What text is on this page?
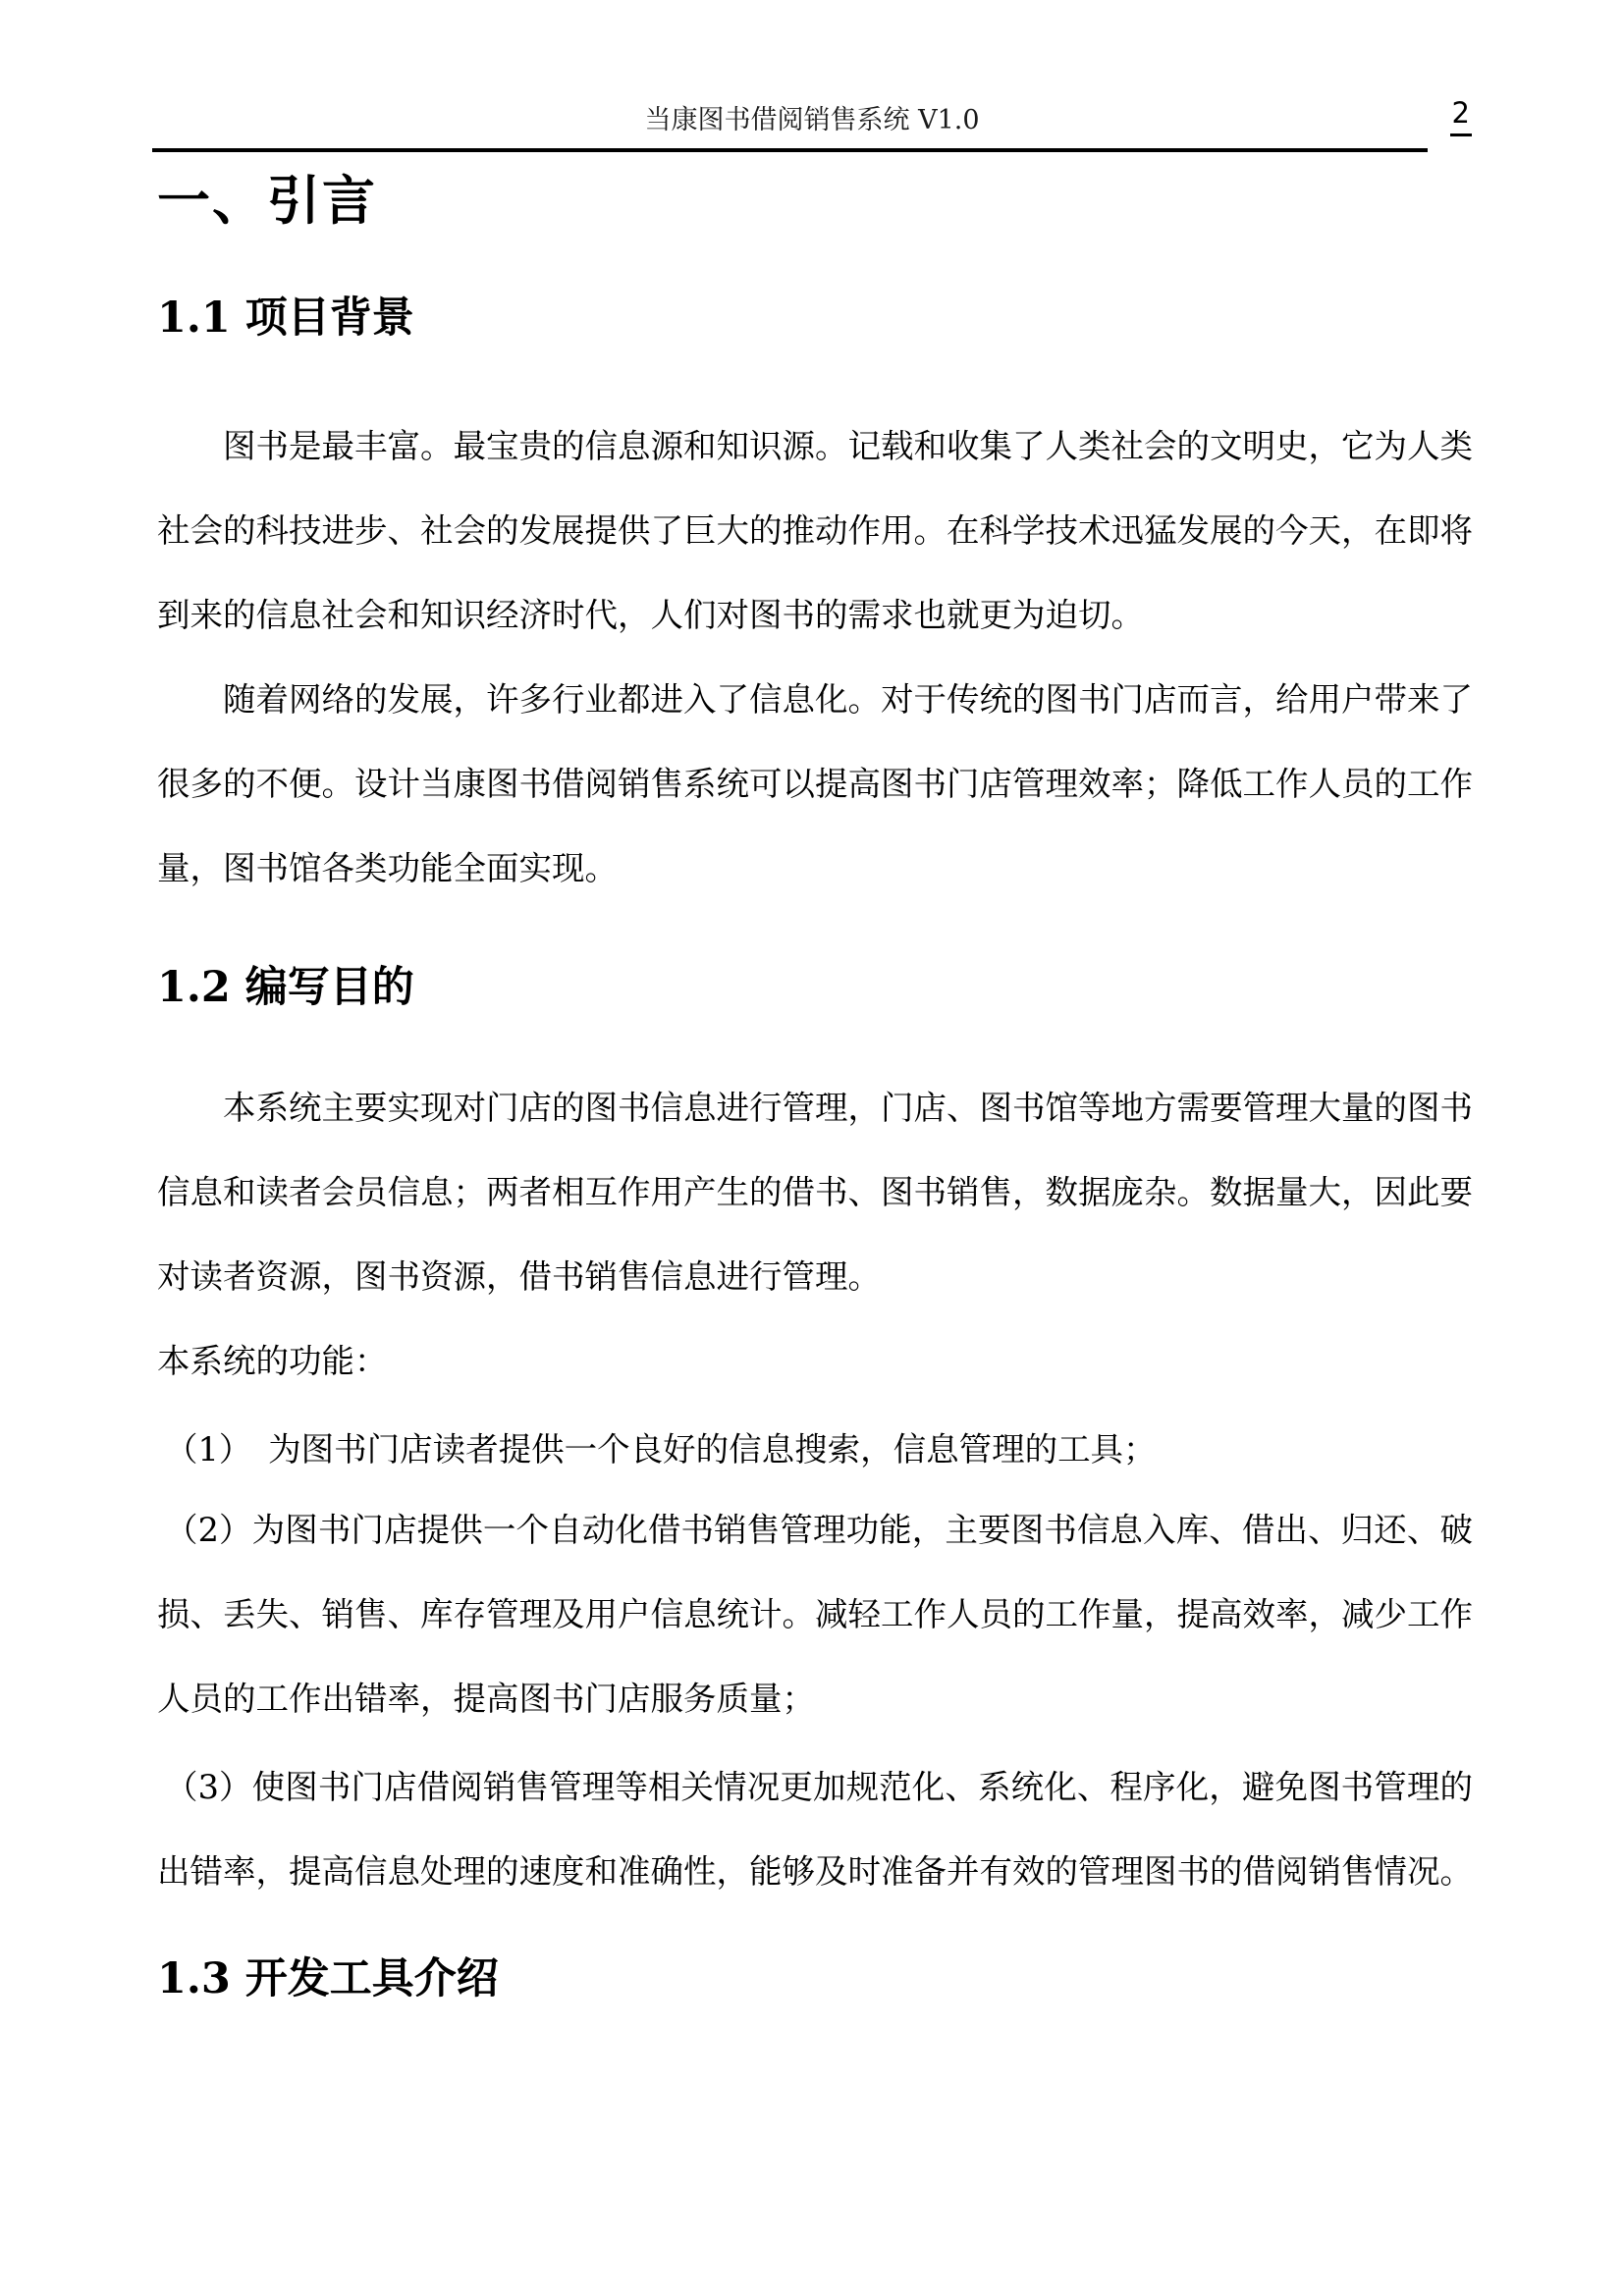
当康图书借阅销售系统 V1.0	2
一、引言
1.1 项目背景

图书是最丰富。最宝贵的信息源和知识源。记载和收集了人类社会的文明史，它为人类社会的科技进步、社会的发展提供了巨大的推动作用。在科学技术迅猛发展的今天，在即将到来的信息社会和知识经济时代，人们对图书的需求也就更为迫切。

随着网络的发展，许多行业都进入了信息化。对于传统的图书门店而言，给用户带来了很多的不便。设计当康图书借阅销售系统可以提高图书门店管理效率；降低工作人员的工作量，图书馆各类功能全面实现。

1.2 编写目的

本系统主要实现对门店的图书信息进行管理，门店、图书馆等地方需要管理大量的图书信息和读者会员信息；两者相互作用产生的借书、图书销售，数据庞杂。数据量大，因此要对读者资源，图书资源，借书销售信息进行管理。

本系统的功能：

（1）　为图书门店读者提供一个良好的信息搜索，信息管理的工具；

（2）为图书门店提供一个自动化借书销售管理功能，主要图书信息入库、借出、归还、破损、丢失、销售、库存管理及用户信息统计。减轻工作人员的工作量，提高效率，减少工作人员的工作出错率，提高图书门店服务质量；

（3）使图书门店借阅销售管理等相关情况更加规范化、系统化、程序化，避免图书管理的出错率，提高信息处理的速度和准确性，能够及时准备并有效的管理图书的借阅销售情况。

1.3 开发工具介绍
